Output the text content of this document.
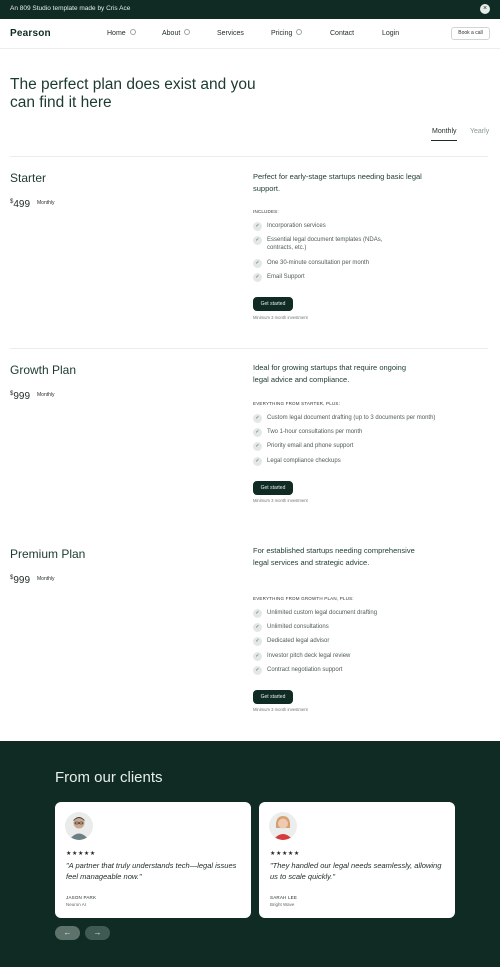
An 809 Studio template made by Cris Ace	×
Pearson	Home	About	Services	Pricing	Contact	Login	Book a call
The perfect plan does exist and you can find it here
Monthly Yearly
Starter
$499 Monthly

Perfect for early-stage startups needing basic legal support.

INCLUDES:
✓	Incorporation services
✓	Essential legal document templates (NDAs,
contracts, etc.)
✓	One 30-minute consultation per month
✓	Email Support
Get started
Minimum 3 month investment
Growth Plan
$999 Monthly

Ideal for growing startups that require ongoing legal advice and compliance.

EVERYTHING FROM STARTER, PLUS:
✓	Custom legal document drafting (up to 3 documents per month)
✓	Two 1-hour consultations per month
✓	Priority email and phone support
✓	Legal compliance checkups
Get started
Minimum 3 month investment
Premium Plan
$999 Monthly

For established startups needing comprehensive legal services and strategic advice.

EVERYTHING FROM GROWTH PLAN, PLUS:
✓	Unlimited custom legal document drafting
✓	Unlimited consultations
✓	Dedicated legal advisor
✓	Investor pitch deck legal review
✓	Contract negotiation support
Get started
Minimum 3 month investment
From our clients
★★★★★

"A partner that truly understands tech—legal issues feel manageable now."

JASON PARK
Neuron AI
★★★★★

"They handled our legal needs seamlessly, allowing us to scale quickly."

SARAH LEE
Bright Wave
←	→
